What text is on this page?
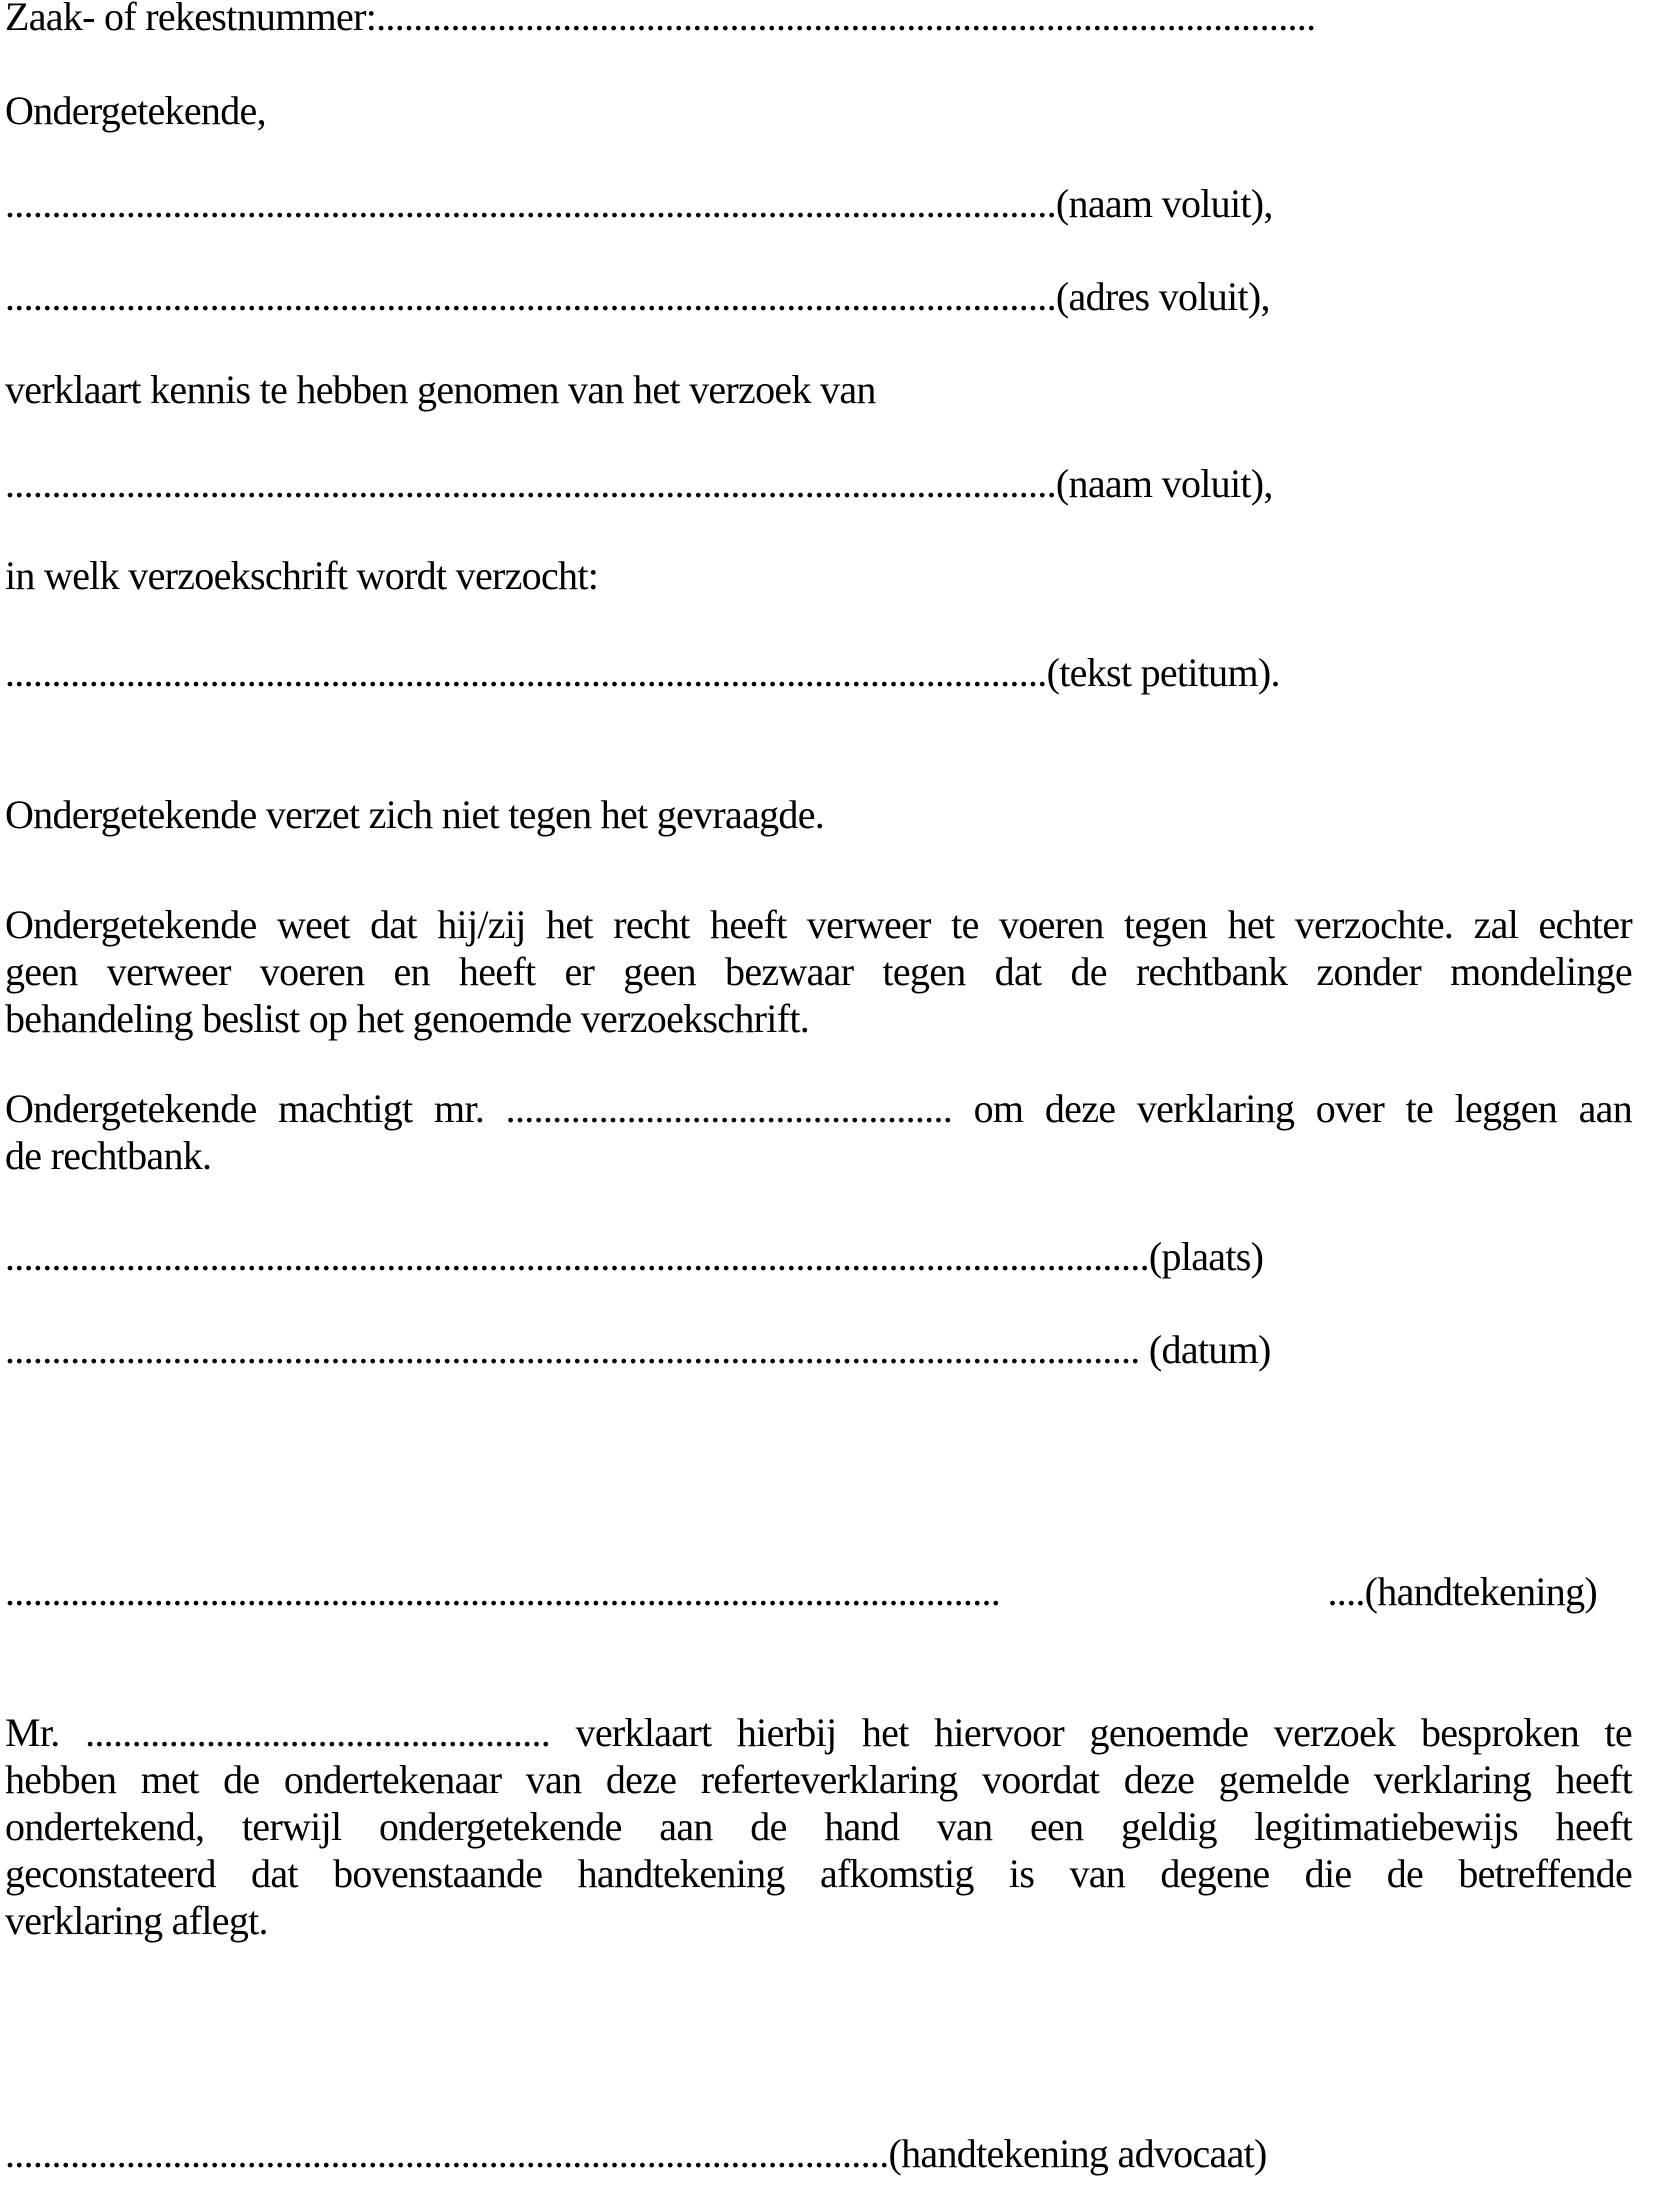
Zaak- of rekestnummer:.....................................................................................................
Ondergetekende,
.................................................................................................................(naam voluit),
.................................................................................................................(adres voluit),
verklaart kennis te hebben genomen van het verzoek van
.................................................................................................................(naam voluit),
in welk verzoekschrift wordt verzocht:
................................................................................................................(tekst petitum).
Ondergetekende verzet zich niet tegen het gevraagde.
Ondergetekende weet dat hij/zij het recht heeft verweer te voeren tegen het verzochte. zal echter
geen verweer voeren en heeft er geen bezwaar tegen dat de rechtbank zonder mondelinge
behandeling beslist op het genoemde verzoekschrift.
Ondergetekende machtigt mr. ................................................ om deze verklaring over te leggen aan
de rechtbank.
...........................................................................................................................(plaats)
.......................................................................................................................... (datum)
...........................................................................................................	....(handtekening)
Mr. .................................................. verklaart hierbij het hiervoor genoemde verzoek besproken te
hebben met de ondertekenaar van deze referteverklaring voordat deze gemelde verklaring heeft
ondertekend, terwijl ondergetekende aan de hand van een geldig legitimatiebewijs heeft
geconstateerd dat bovenstaande handtekening afkomstig is van degene die de betreffende
verklaring aflegt.
...............................................................................................(handtekening advocaat)
